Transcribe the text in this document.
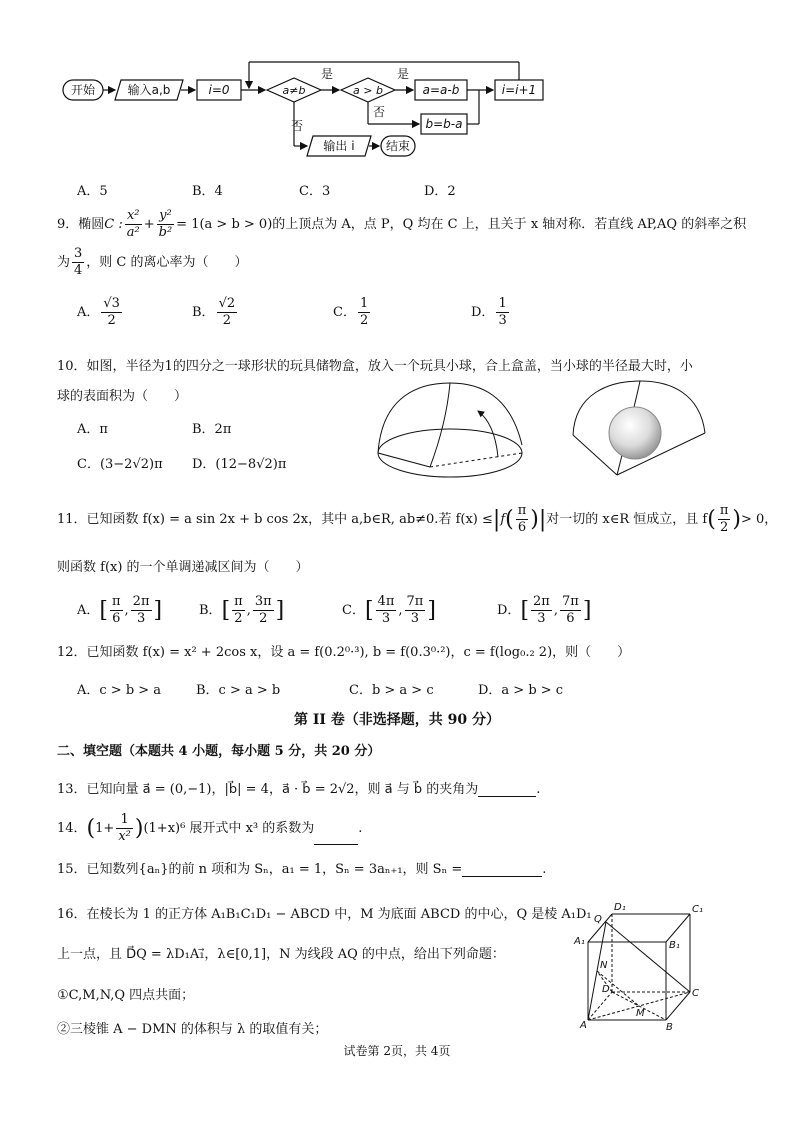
开始	输入a,b	i=0	a≠b	a > b
是	是
a=a-b
否
b=b-a
i=i+1
否
输出 i	结束
A．5	B．4	C．3	D．2
9．椭圆C : $\frac{\text{x²}}{\text{a²}} + \frac{\text{y²}}{\text{b²}} = 1(a > b > 0)$的上顶点为 A，点 P，Q 均在 C 上，且关于 x 轴对称．若直线 AP,AQ 的斜率之积
为 $\frac{3}{4}$ ，则 C 的离心率为（　　）
A． $\frac{√3}{2}$	B． $\frac{√2}{2}$	C． $\frac{1}{2}$	D． $\frac{1}{3}$
10．如图，半径为1的四分之一球形状的玩具储物盒，放入一个玩具小球，合上盒盖，当小球的半径最大时，小
球的表面积为（　　）
A．π	B．2π
C．(3−2√2)π D．(12−8√2)π
11．已知函数 f(x) = a sin 2x + b cos 2x，其中 a,b∈R, ab≠0.若 $f(x) \le|f( \frac{\pi}{6}$ )|对一切的 x∈R 恒成立，且 $f( \frac{\pi}{2}$ )> 0，
则函数 f(x) 的一个单调递减区间为（　　）
A．[ $\frac{\pi}{6}$ , $\frac{2\pi}{3}$ ]	B．[ $\frac{\pi}{2}$ , $\frac{3\pi}{2}$ ]	C．[ $\frac{4\pi}{3}$ , $\frac{7\pi}{3}$ ]	D．[ $\frac{2\pi}{3}$ , $\frac{7\pi}{6}$ ]
12．已知函数 f(x) = x² + 2cos x，设 a = f(0.2⁰·³), b = f(0.3⁰·²)，c = f(log₀.₂ 2)，则（　　）
A．c > b > a	B．c > a > b	C．b > a > c	D．a > b > c
第 II 卷（非选择题，共 90 分）
二、填空题（本题共 4 小题，每小题 5 分，共 20 分）
13．已知向量 a⃗ = (0,−1)，|b⃗| = 4，a⃗ · b⃗ = 2√2，则 a⃗ 与 b⃗ 的夹角为	.
14．$(1+ \frac{1}{\text{x²}} )(1+x)^6$ 展开式中 x³ 的系数为	.
15．已知数列{aₙ}的前 n 项和为 Sₙ，a₁ = 1，Sₙ = 3aₙ₊₁，则 Sₙ =	.
16．在棱长为 1 的正方体 A₁B₁C₁D₁ − ABCD 中，M 为底面 ABCD 的中心，Q 是棱 A₁D₁
上一点，且 D⃗Q = λD₁A₁⃗，λ∈[0,1]，N 为线段 AQ 的中点，给出下列命题：
①C,M,N,Q 四点共面；
②三棱锥 A − DMN 的体积与 λ 的取值有关；
Q
D₁	C₁
A₁	B₁
N
D	C
M
A	B
试卷第 2页，共 4页
